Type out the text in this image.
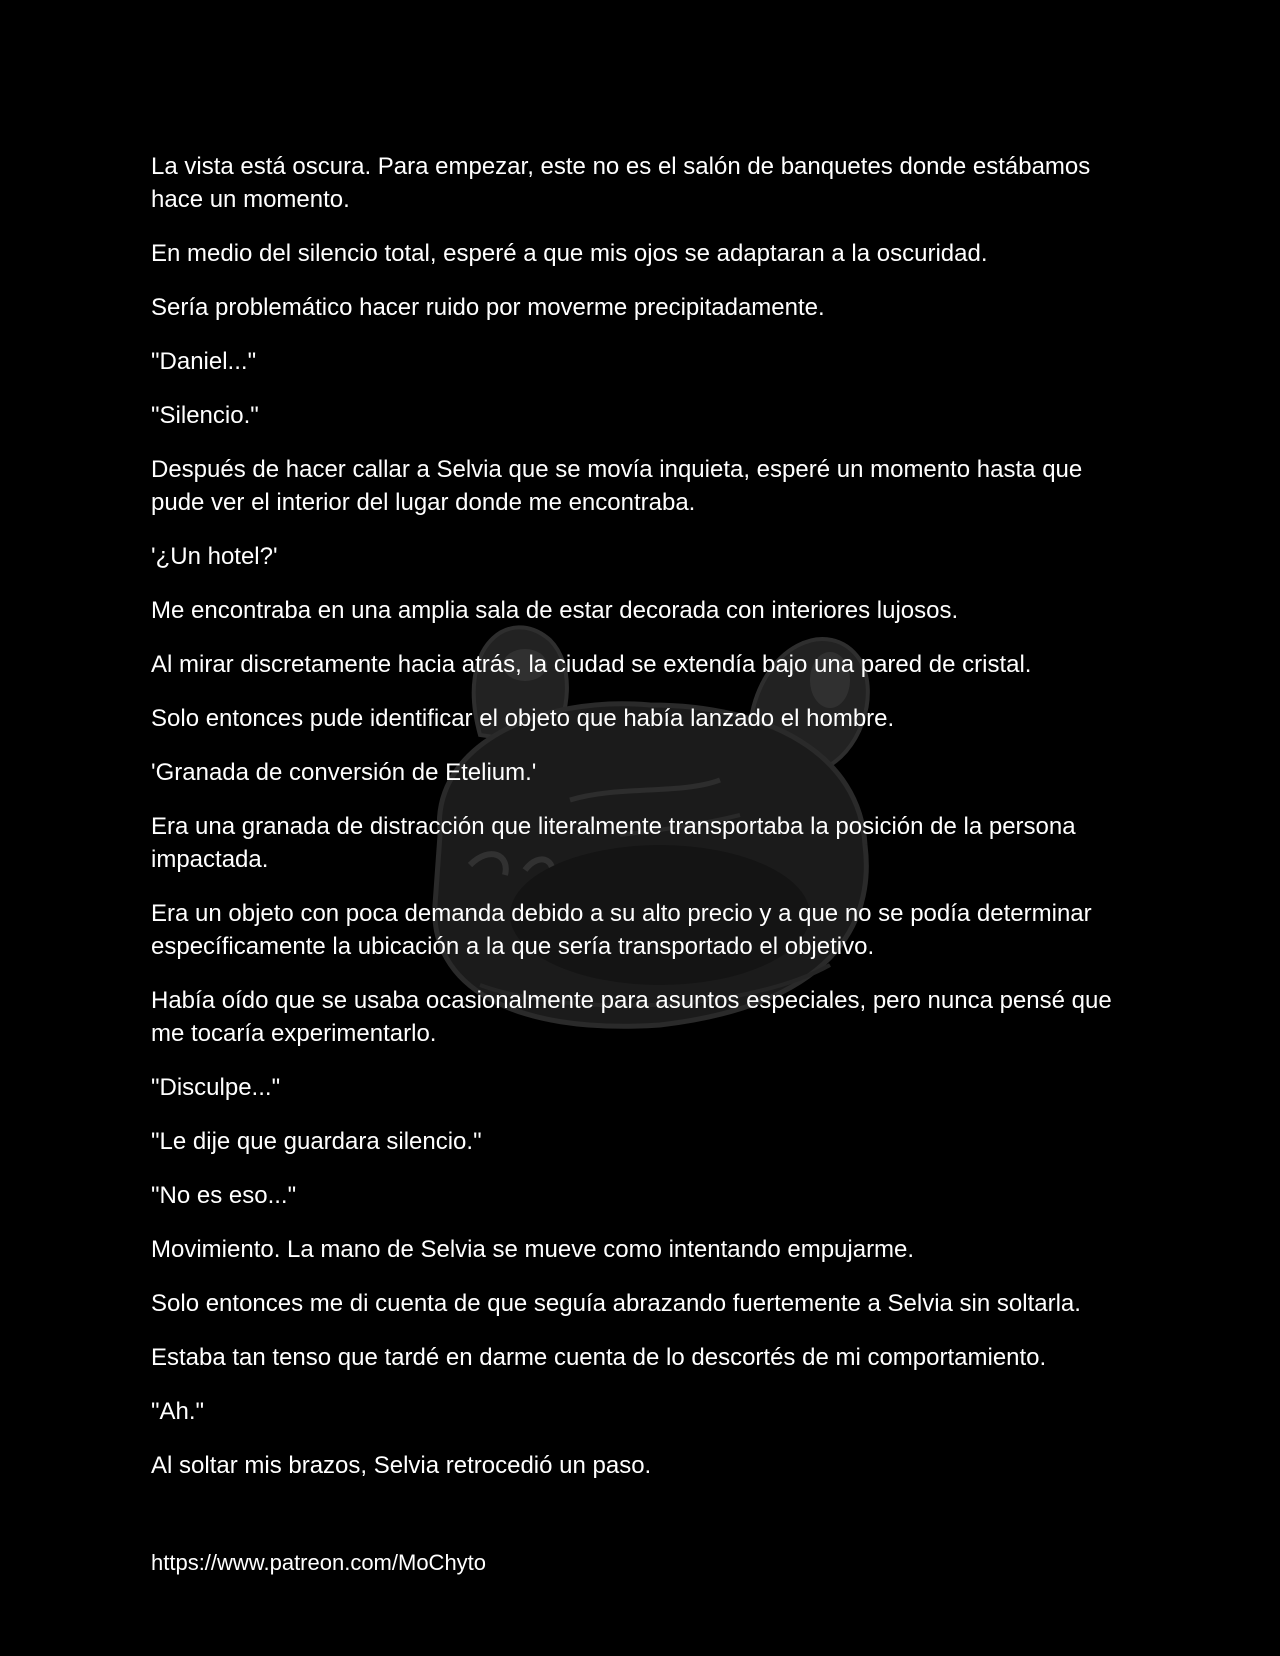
La vista está oscura. Para empezar, este no es el salón de banquetes donde estábamos hace un momento.

En medio del silencio total, esperé a que mis ojos se adaptaran a la oscuridad.

Sería problemático hacer ruido por moverme precipitadamente.

"Daniel..."

"Silencio."

Después de hacer callar a Selvia que se movía inquieta, esperé un momento hasta que pude ver el interior del lugar donde me encontraba.

'¿Un hotel?'

Me encontraba en una amplia sala de estar decorada con interiores lujosos.

Al mirar discretamente hacia atrás, la ciudad se extendía bajo una pared de cristal.

Solo entonces pude identificar el objeto que había lanzado el hombre.

'Granada de conversión de Etelium.'

Era una granada de distracción que literalmente transportaba la posición de la persona impactada.

Era un objeto con poca demanda debido a su alto precio y a que no se podía determinar específicamente la ubicación a la que sería transportado el objetivo.

Había oído que se usaba ocasionalmente para asuntos especiales, pero nunca pensé que me tocaría experimentarlo.

"Disculpe..."

"Le dije que guardara silencio."

"No es eso..."

Movimiento. La mano de Selvia se mueve como intentando empujarme.

Solo entonces me di cuenta de que seguía abrazando fuertemente a Selvia sin soltarla.

Estaba tan tenso que tardé en darme cuenta de lo descortés de mi comportamiento.

"Ah."

Al soltar mis brazos, Selvia retrocedió un paso.

https://www.patreon.com/MoChyto
